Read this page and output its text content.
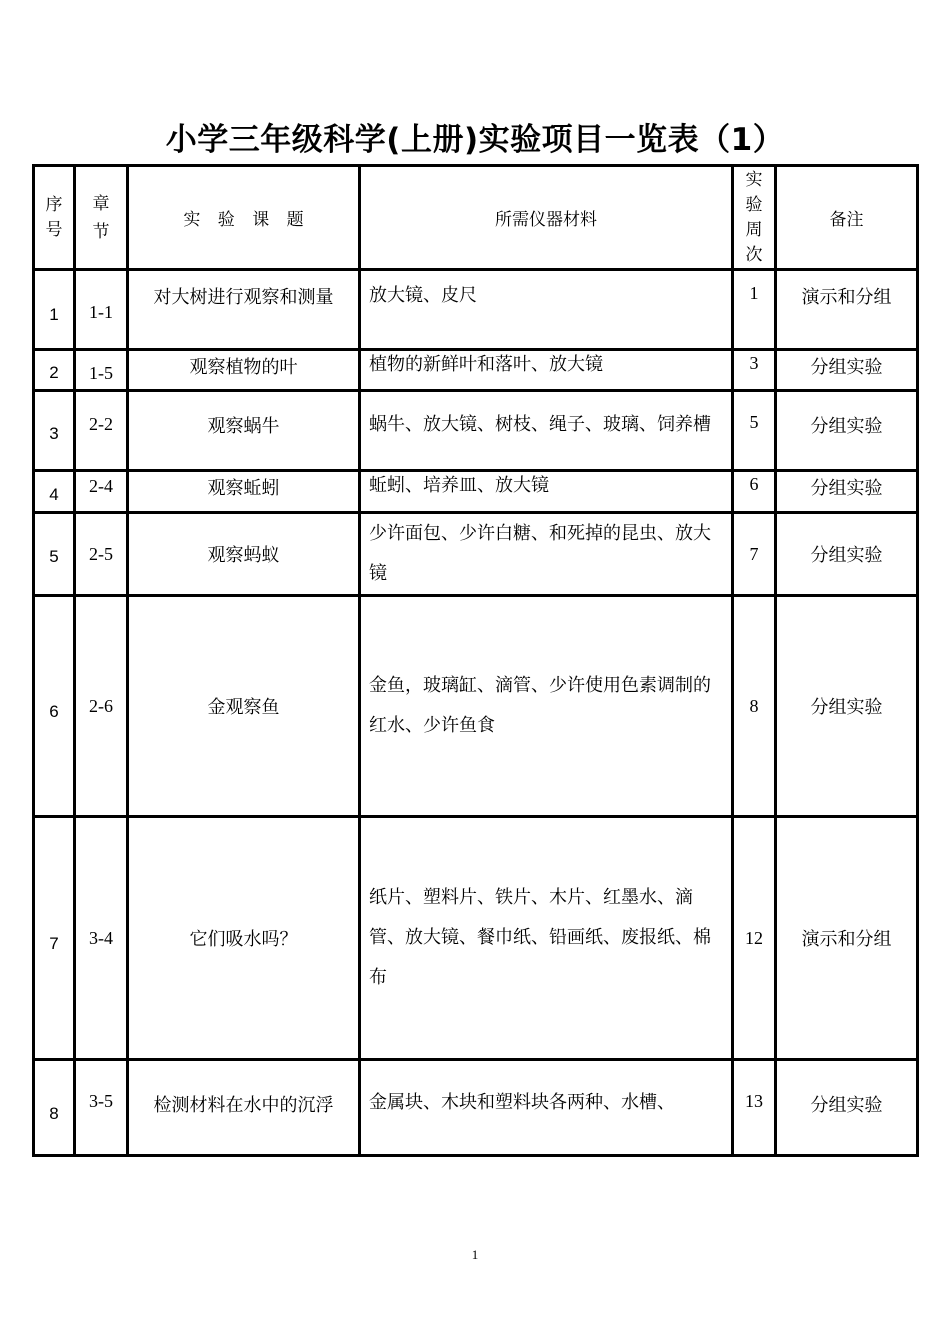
小学三年级科学(上册)实验项目一览表（1）
序号	章节	实 验 课 题	所需仪器材料	实验周次	备注
1	1-1	对大树进行观察和测量	放大镜、皮尺	1	演示和分组
2	1-5	观察植物的叶	植物的新鲜叶和落叶、放大镜	3	分组实验
3	2-2	观察蜗牛	蜗牛、放大镜、树枝、绳子、玻璃、饲养槽	5	分组实验
4	2-4	观察蚯蚓	蚯蚓、培养皿、放大镜	6	分组实验
5	2-5	观察蚂蚁	少许面包、少许白糖、和死掉的昆虫、放大镜	7	分组实验
6	2-6	金观察鱼	金鱼，玻璃缸、滴管、少许使用色素调制的红水、少许鱼食	8	分组实验
7	3-4	它们吸水吗？	纸片、塑料片、铁片、木片、红墨水、滴管、放大镜、餐巾纸、铅画纸、废报纸、棉布	12	演示和分组
8	3-5	检测材料在水中的沉浮	金属块、木块和塑料块各两种、水槽、	13	分组实验
1
